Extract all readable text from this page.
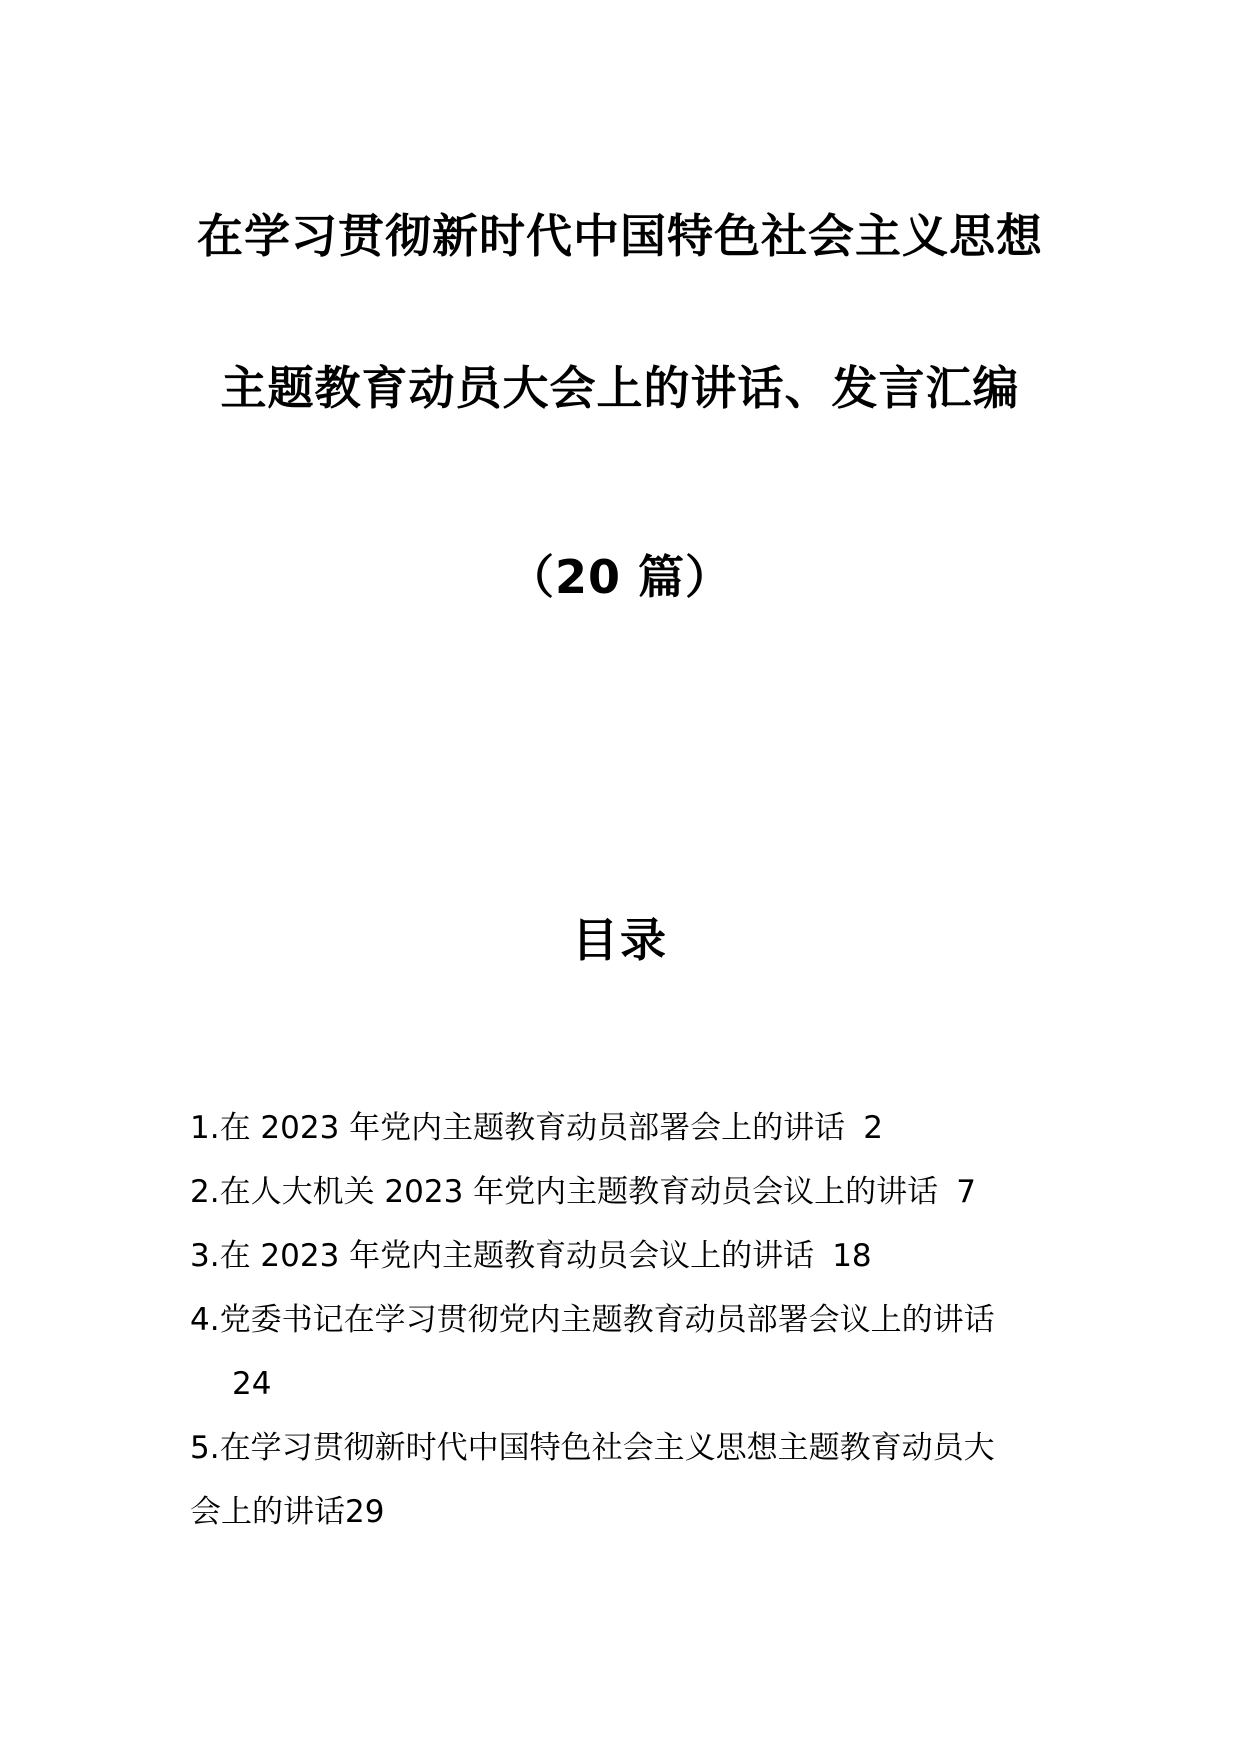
在学习贯彻新时代中国特色社会主义思想
主题教育动员大会上的讲话、发言汇编
（20 篇）
目录
1.在 2023 年党内主题教育动员部署会上的讲话 2
2.在人大机关 2023 年党内主题教育动员会议上的讲话 7
3.在 2023 年党内主题教育动员会议上的讲话 18
4.党委书记在学习贯彻党内主题教育动员部署会议上的讲话
24
5.在学习贯彻新时代中国特色社会主义思想主题教育动员大
会上的讲话29
